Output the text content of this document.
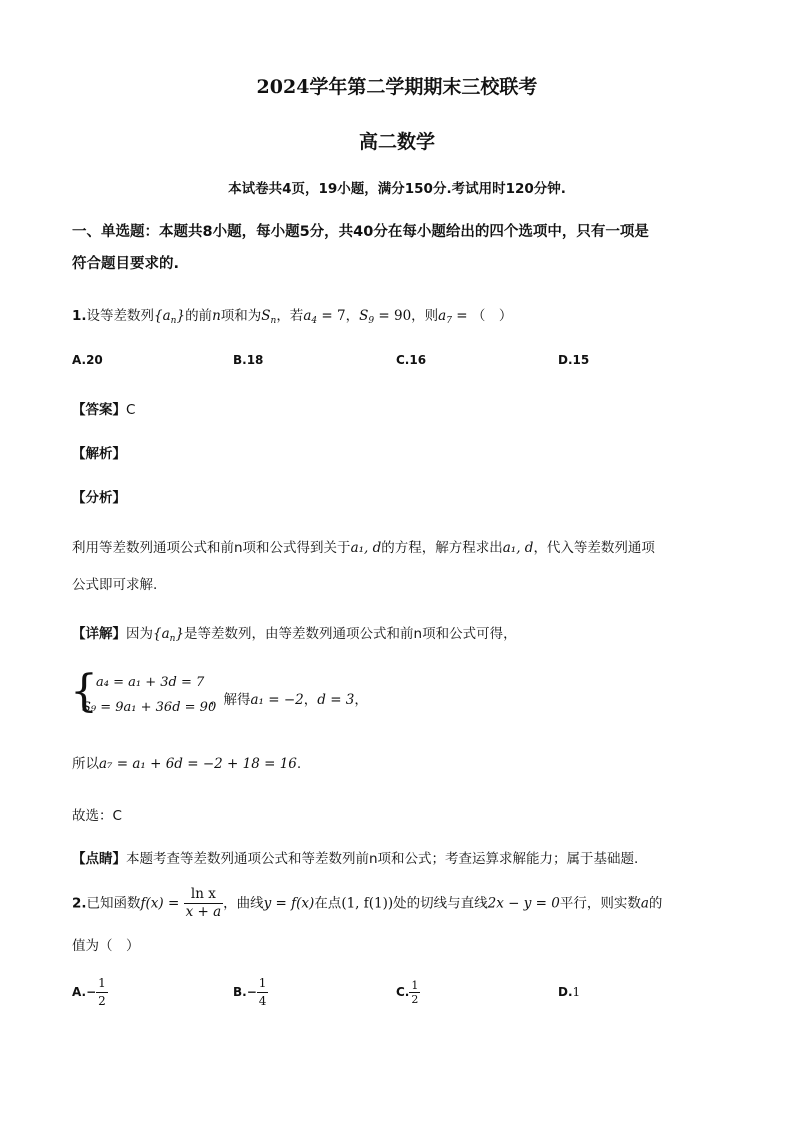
2024学年第二学期期末三校联考
高二数学
本试卷共4页，19小题，满分150分.考试用时120分钟.
一、单选题：本题共8小题，每小题5分，共40分在每小题给出的四个选项中，只有一项是
符合题目要求的.
1.设等差数列$\{a_n\}$的前n项和为$S_n$，若$a_4 = 7$，$S_9 = 90$，则$a_7$ = （　）
A.20	B.18	C.16	D.15
【答案】C
【解析】
【分析】
利用等差数列通项公式和前n项和公式得到关于a₁, d的方程，解方程求出a₁, d，代入等差数列通项
公式即可求解.
【详解】因为$\{a_n\}$是等差数列，由等差数列通项公式和前n项和公式可得，
{
a₄ = a₁ + 3d = 7
S₉ = 9a₁ + 36d = 90
，解得a₁ = −2，d = 3，
所以a₇ = a₁ + 6d = −2 + 18 = 16.
故选：C
【点睛】本题考查等差数列通项公式和等差数列前n项和公式；考查运算求解能力；属于基础题.
2.已知函数$f(x) = \frac{\text{ln x}}{x + a}$ ，曲线y = f(x)在点(1, f(1))处的切线与直线2x − y = 0平行，则实数a的
值为（　）
$A.- \frac{1}{2}$	$B.- \frac{1}{4}$	C. $\frac{1}{2}$	D.1
